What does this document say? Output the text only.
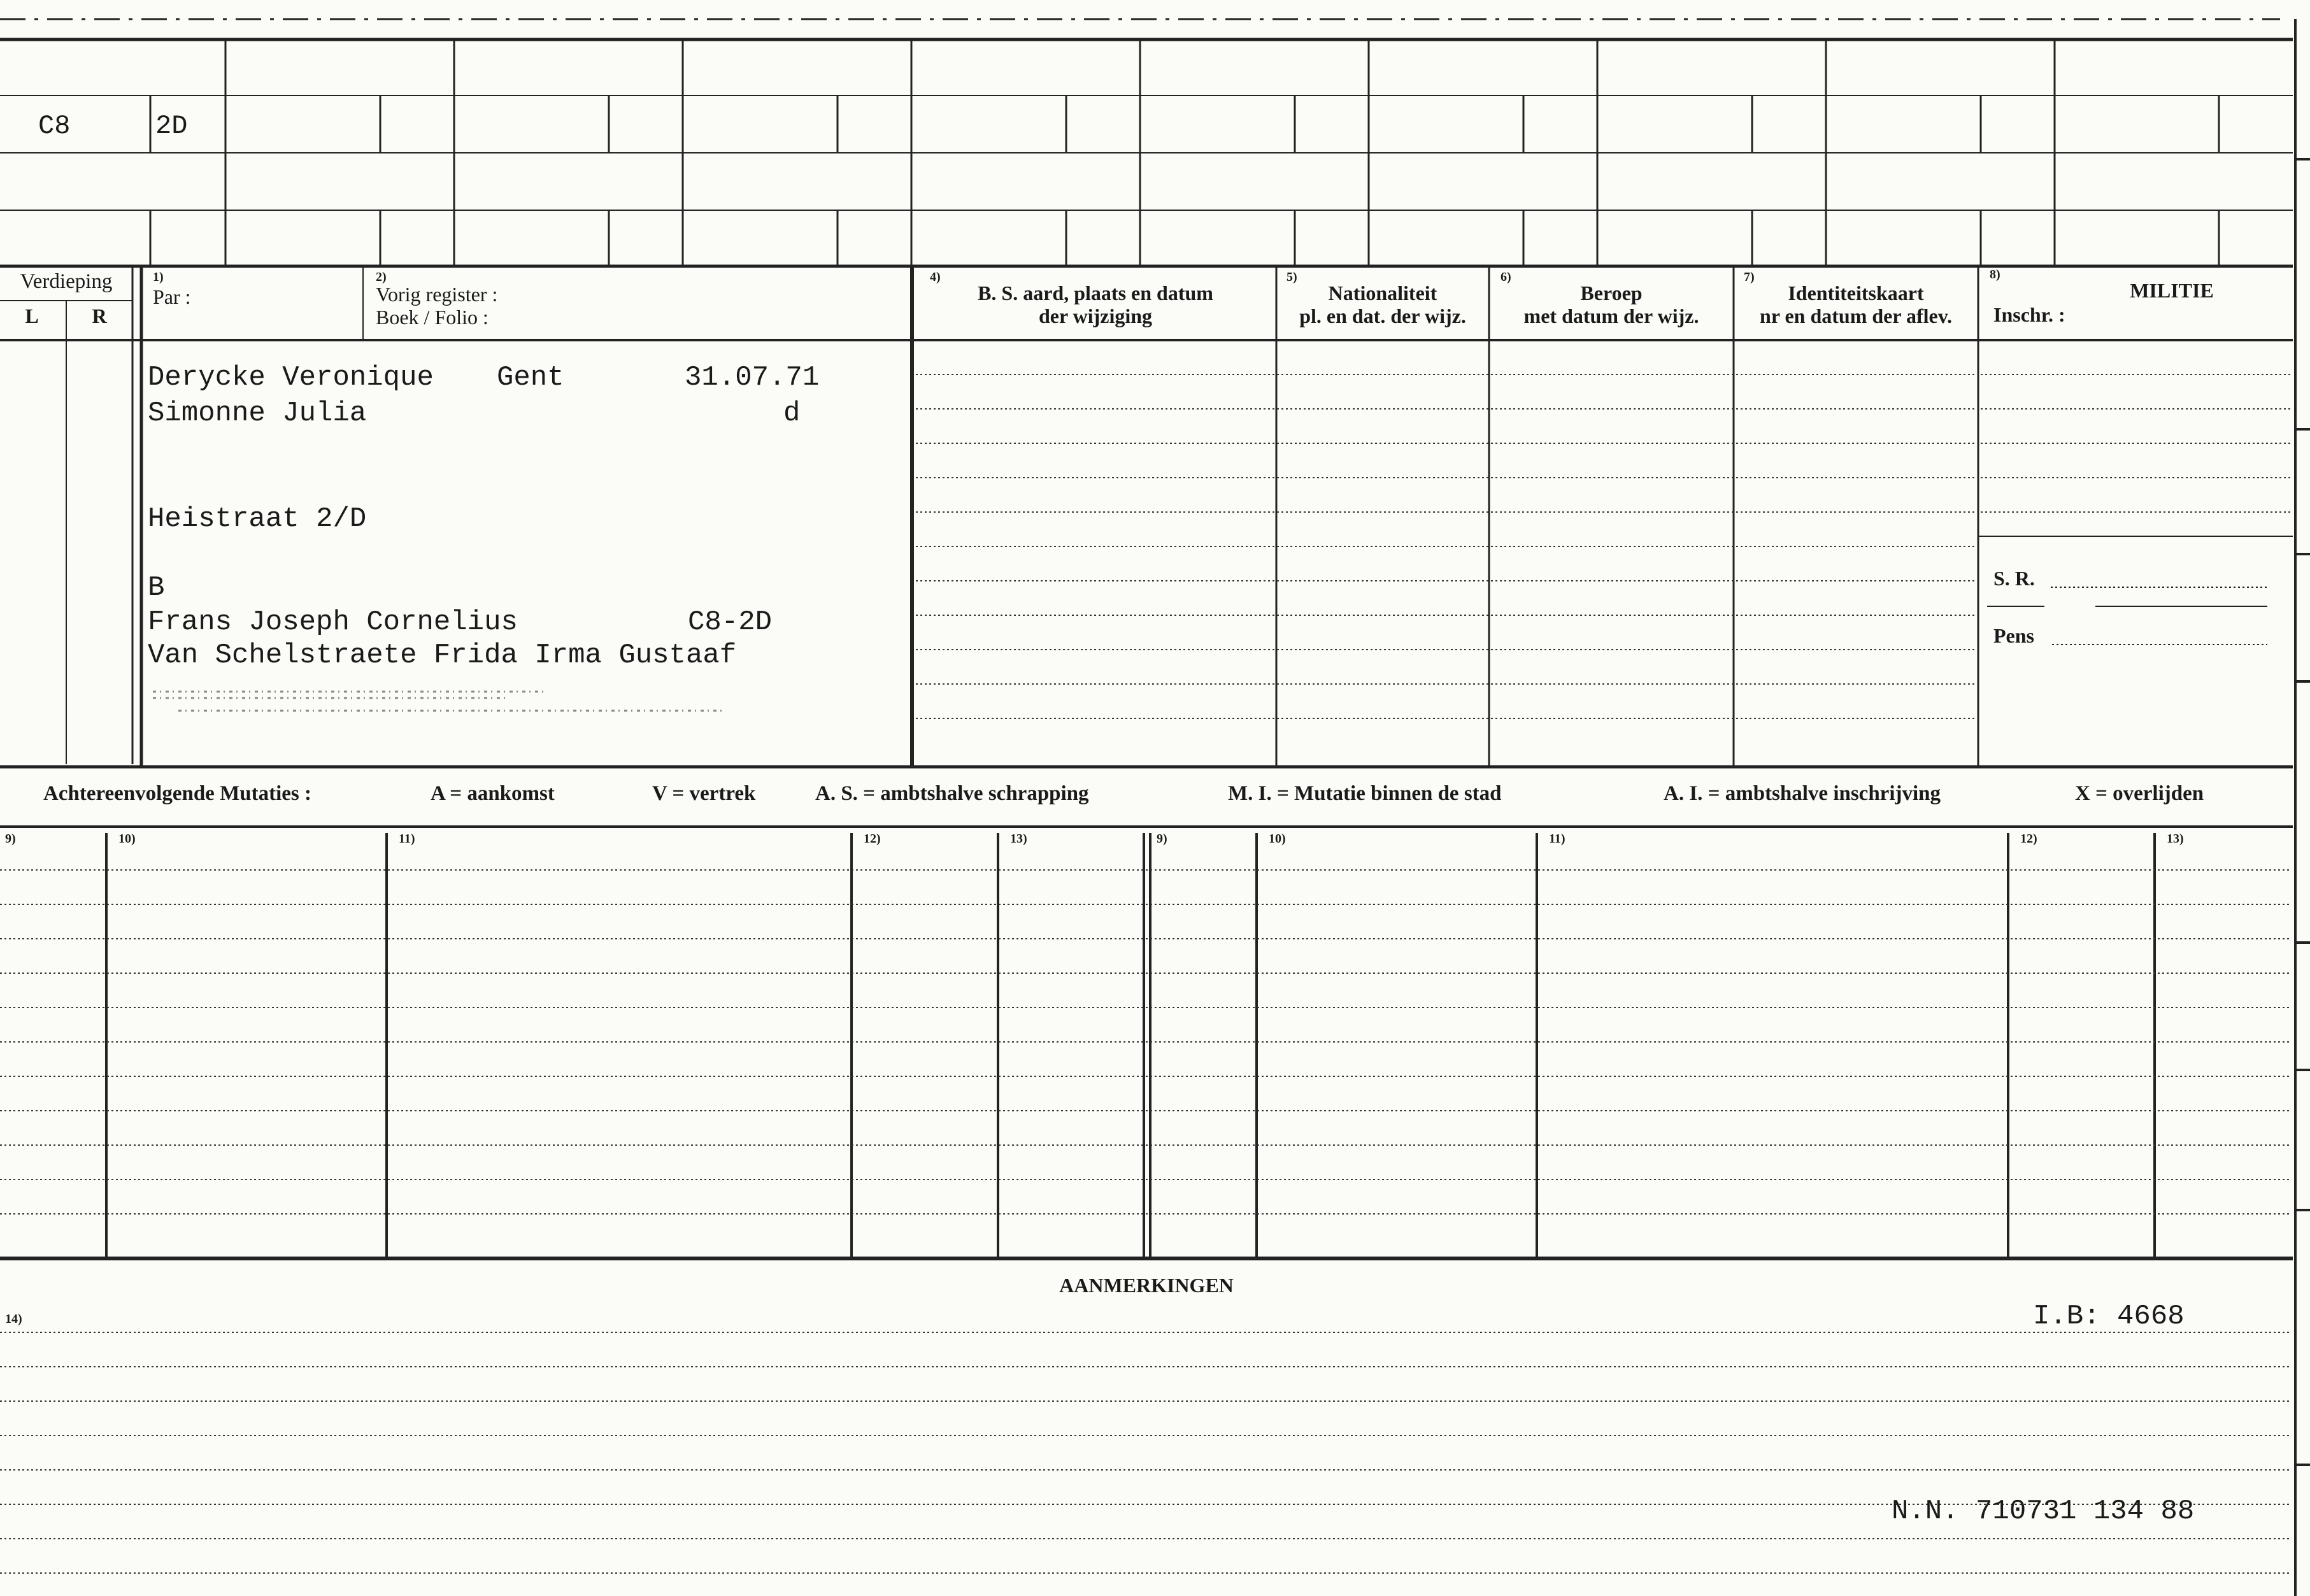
C8	2D
Verdieping
L	R
1)
Par :
2)
Vorig register :
Boek / Folio :
4)
B. S. aard, plaats en datum
der wijziging
5)
Nationaliteit
pl. en dat. der wijz.
6)
Beroep
met datum der wijz.
7)
Identiteitskaart
nr en datum der aflev.
8)
MILITIE
Inschr. :
Derycke Veronique Gent	31.07.71
Simonne Julia	d
Heistraat 2/D
B
Frans Joseph Cornelius	C8-2D
Van Schelstraete Frida Irma Gustaaf
S. R.
Pens
Achtereenvolgende Mutaties :	A = aankomst	V = vertrek	A. S. = ambtshalve schrapping	M. I. = Mutatie binnen de stad	A. I. = ambtshalve inschrijving	X = overlijden
9)	10)	11)	12)	13)	9)	10)	11)	12)	13)
AANMERKINGEN
14)	I.B: 4668
N.N. 710731 134 88
